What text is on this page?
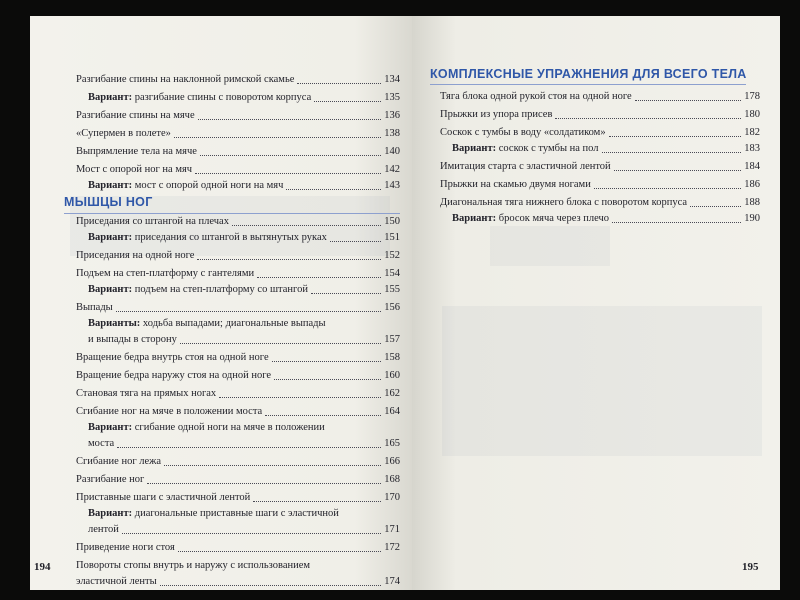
Разгибание спины на наклонной римской скамье	134
Вариант: разгибание спины с поворотом корпуса	135
Разгибание спины на мяче	136
«Супермен в полете»	138
Выпрямление тела на мяче	140
Мост с опорой ног на мяч	142
Вариант: мост с опорой одной ноги на мяч	143
МЫШЦЫ НОГ
Приседания со штангой на плечах	150
Вариант: приседания со штангой в вытянутых руках	151
Приседания на одной ноге	152
Подъем на степ-платформу с гантелями	154
Вариант: подъем на степ-платформу со штангой	155
Выпады	156
Варианты: ходьба выпадами; диагональные выпады
и выпады в сторону	157
Вращение бедра внутрь стоя на одной ноге	158
Вращение бедра наружу стоя на одной ноге	160
Становая тяга на прямых ногах	162
Сгибание ног на мяче в положении моста	164
Вариант: сгибание одной ноги на мяче в положении
моста	165
Сгибание ног лежа	166
Разгибание ног	168
Приставные шаги с эластичной лентой	170
Вариант: диагональные приставные шаги с эластичной
лентой	171
Приведение ноги стоя	172
Повороты стопы внутрь и наружу с использованием
эластичной ленты	174
194
КОМПЛЕКСНЫЕ УПРАЖНЕНИЯ ДЛЯ ВСЕГО ТЕЛА
Тяга блока одной рукой стоя на одной ноге	178
Прыжки из упора присев	180
Соскок с тумбы в воду «солдатиком»	182
Вариант: соскок с тумбы на пол	183
Имитация старта с эластичной лентой	184
Прыжки на скамью двумя ногами	186
Диагональная тяга нижнего блока с поворотом корпуса	188
Вариант: бросок мяча через плечо	190
195
